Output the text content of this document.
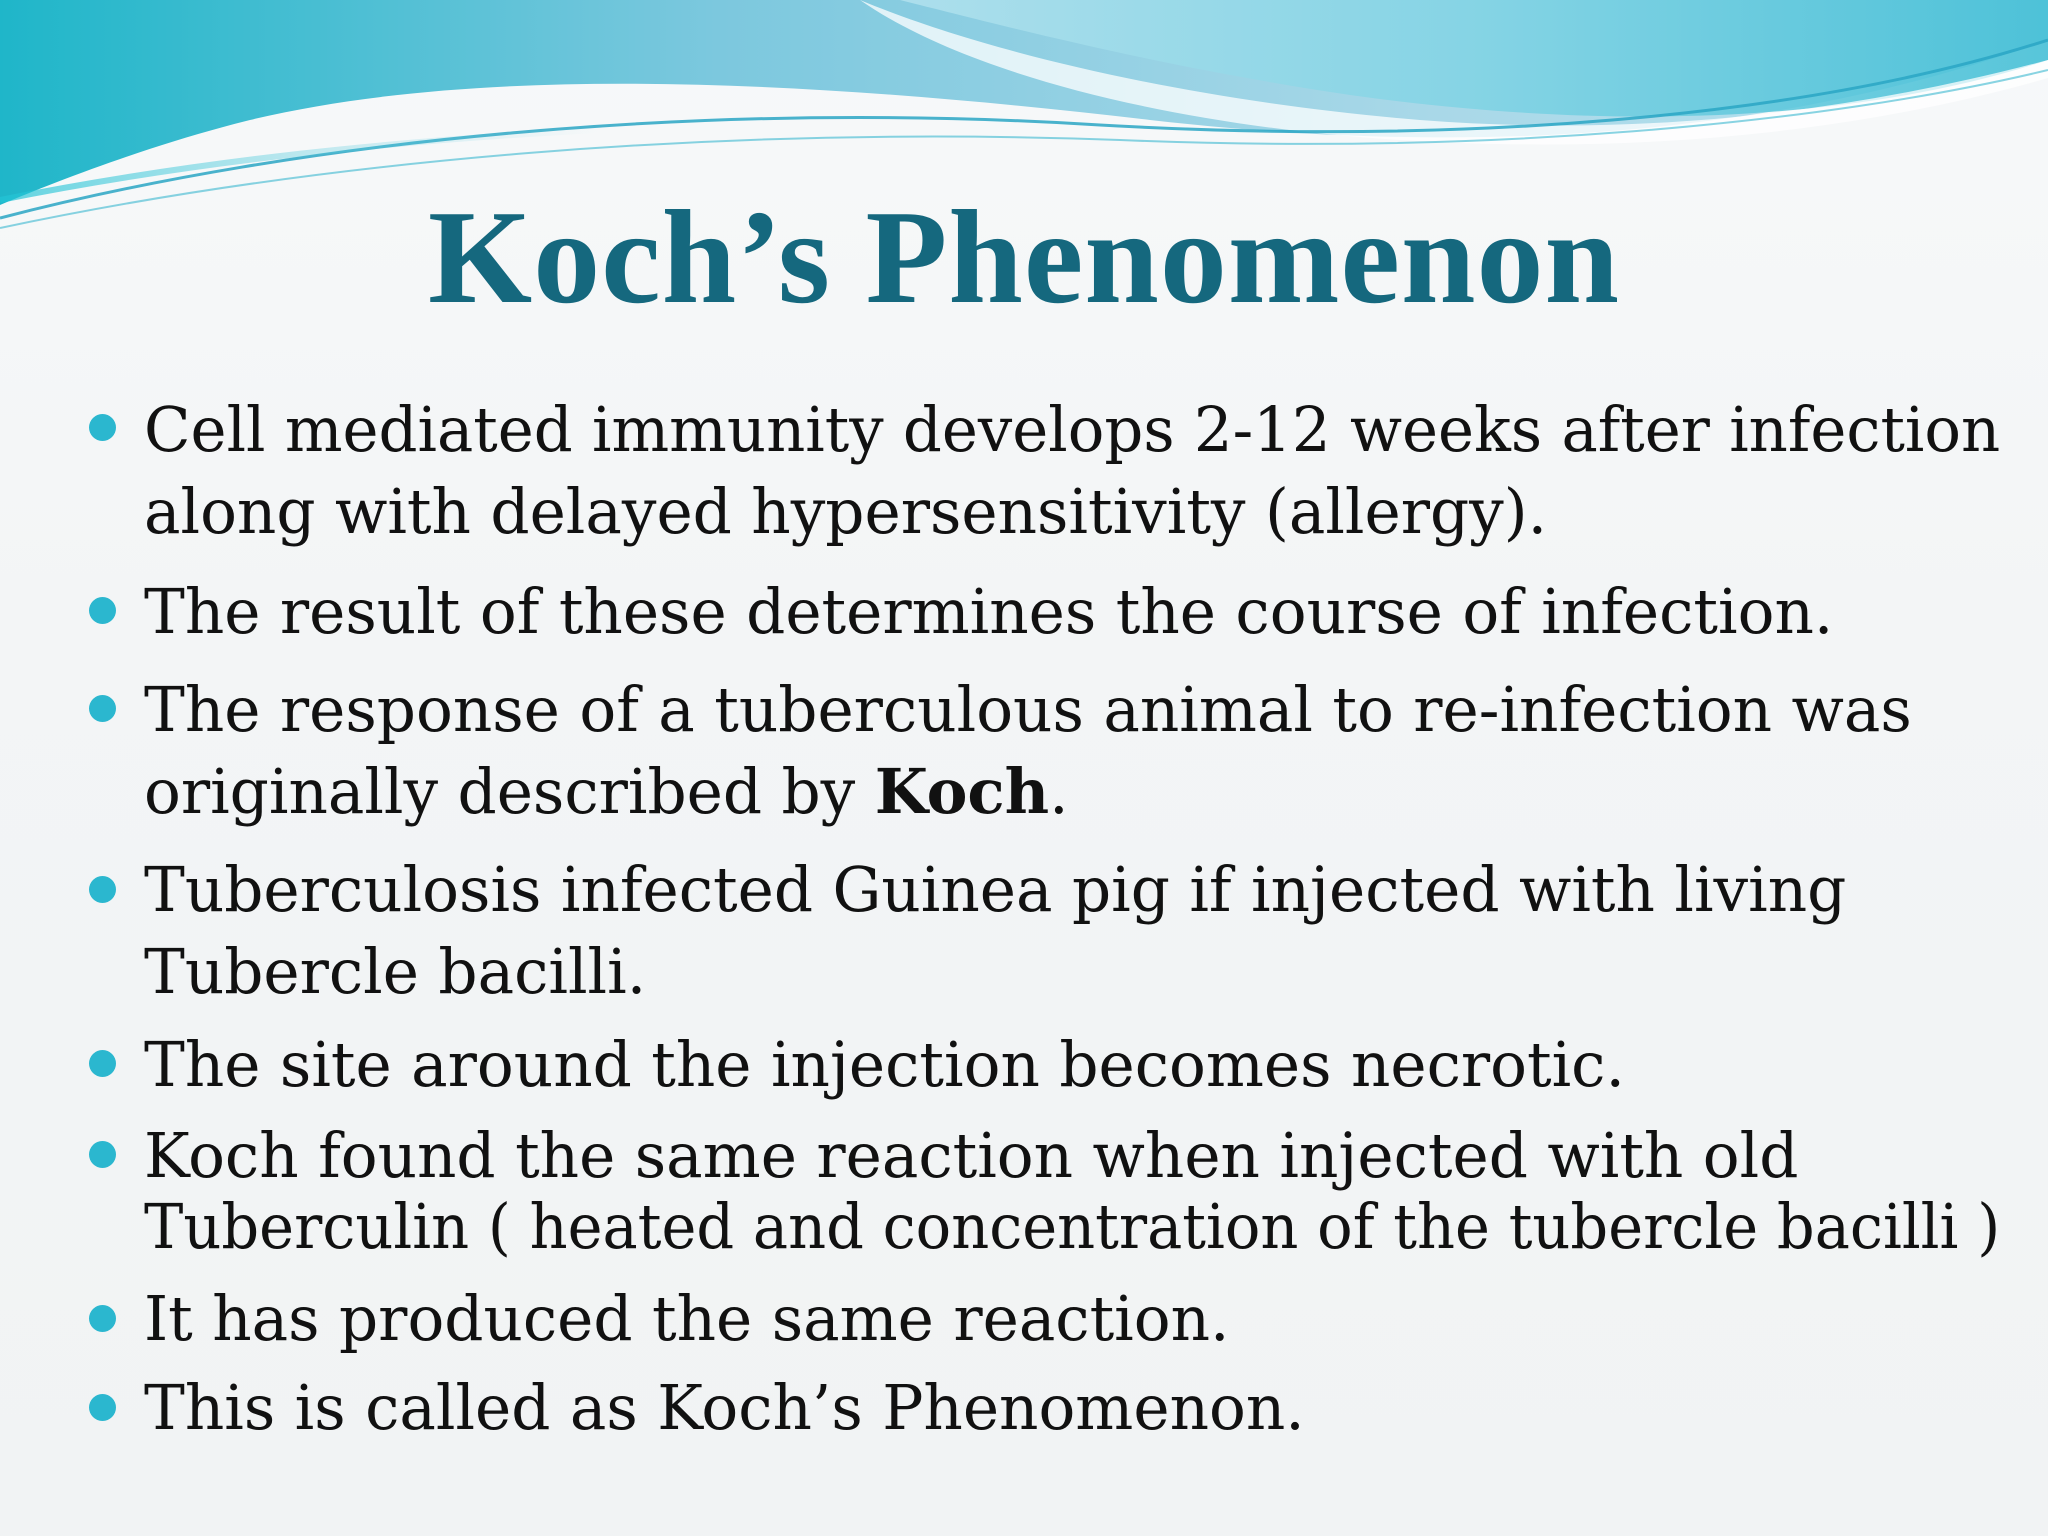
Koch’s Phenomenon
Cell mediated immunity develops 2-12 weeks after infection
along with delayed hypersensitivity (allergy).
The result of these determines the course of infection.
The response of a tuberculous animal to re-infection was
originally described by Koch.
Tuberculosis infected Guinea pig if injected with living
Tubercle bacilli.
The site around the injection becomes necrotic.
Koch found the same reaction when injected with old
Tuberculin ( heated and concentration of the tubercle bacilli )
It has produced the same reaction.
This is called as Koch’s Phenomenon.
